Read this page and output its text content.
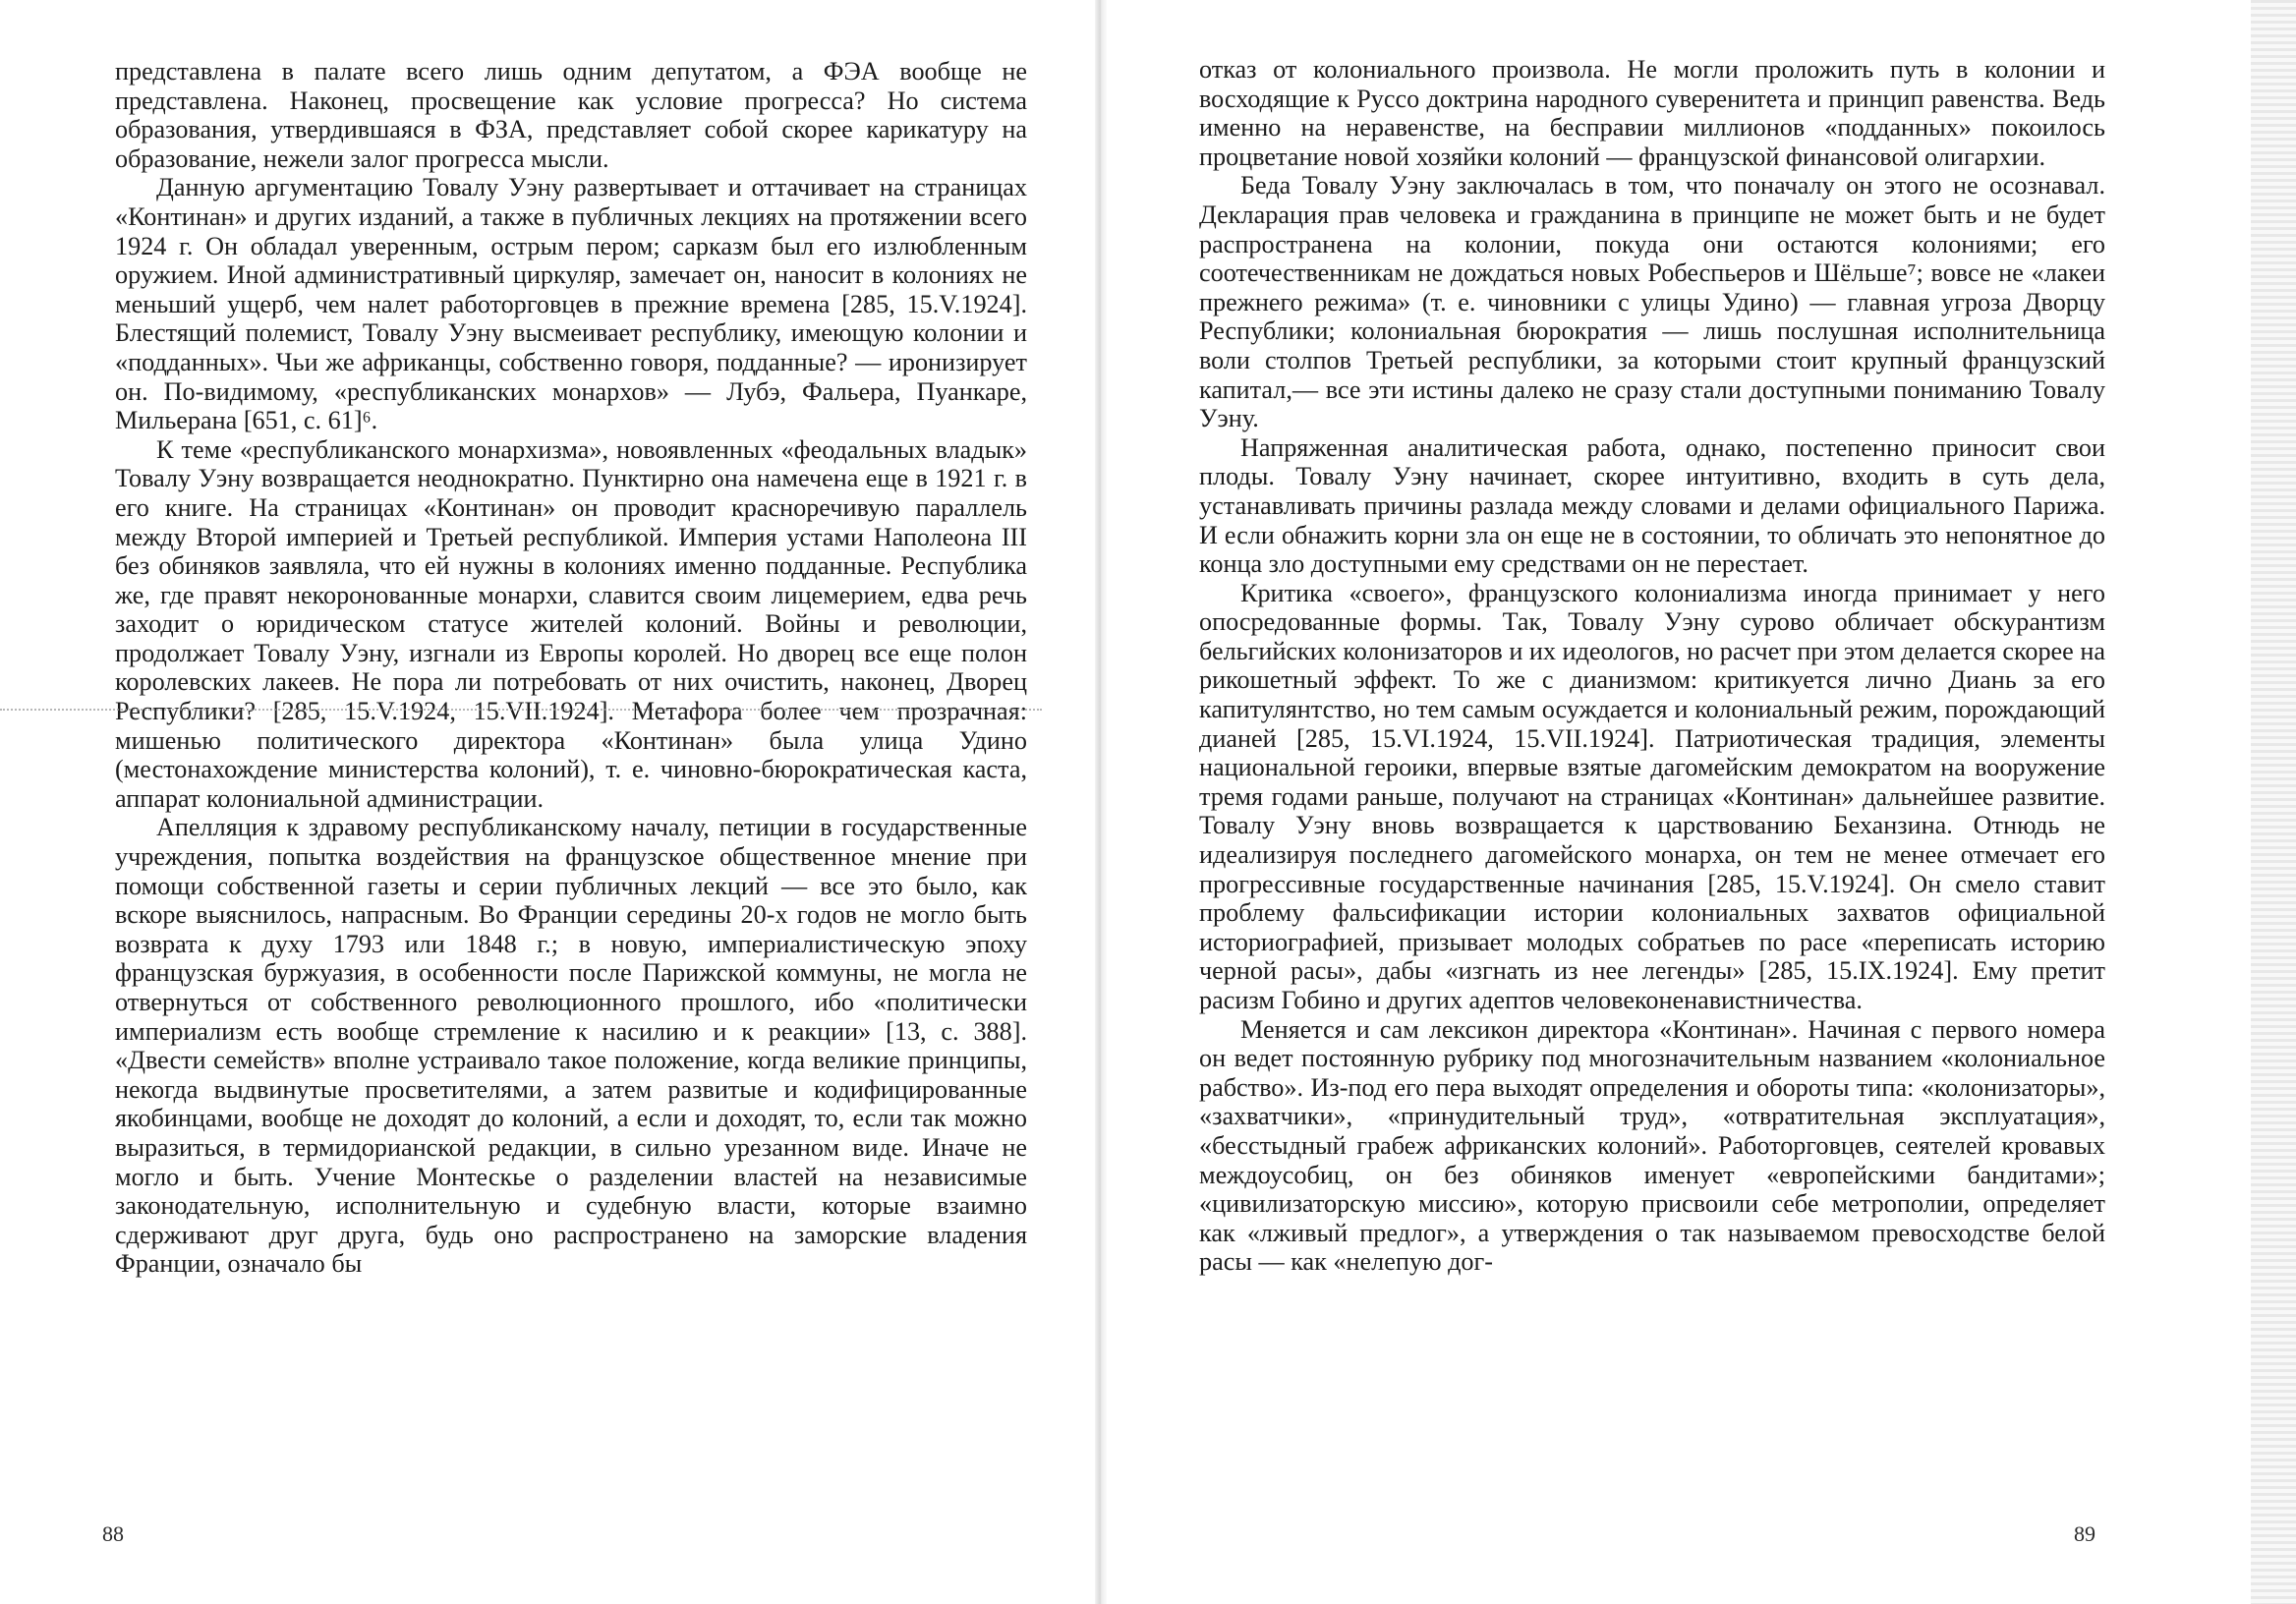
представлена в палате всего лишь одним депутатом, а ФЭА вообще не представлена. Наконец, просвещение как условие прогресса? Но система образования, утвердившаяся в ФЗА, представляет собой скорее карикатуру на образование, нежели залог прогресса мысли.

Данную аргументацию Товалу Уэну развертывает и оттачивает на страницах «Континан» и других изданий, а также в публичных лекциях на протяжении всего 1924 г. Он обладал уверенным, острым пером; сарказм был его излюбленным оружием. Иной административный циркуляр, замечает он, наносит в колониях не меньший ущерб, чем налет работорговцев в прежние времена [285, 15.V.1924]. Блестящий полемист, Товалу Уэну высмеивает республику, имеющую колонии и «подданных». Чьи же африканцы, собственно говоря, подданные? — иронизирует он. По-видимому, «республиканских монархов» — Лубэ, Фальера, Пуанкаре, Мильерана [651, с. 61]⁶.

К теме «республиканского монархизма», новоявленных «феодальных владык» Товалу Уэну возвращается неоднократно. Пунктирно она намечена еще в 1921 г. в его книге. На страницах «Континан» он проводит красноречивую параллель между Второй империей и Третьей республикой. Империя устами Наполеона III без обиняков заявляла, что ей нужны в колониях именно подданные. Республика же, где правят некоронованные монархи, славится своим лицемерием, едва речь заходит о юридическом статусе жителей колоний. Войны и революции, продолжает Товалу Уэну, изгнали из Европы королей. Но дворец все еще полон королевских лакеев. Не пора ли потребовать от них очистить, наконец, Дворец Республики? [285, 15.V.1924, 15.VII.1924]. Метафора более чем прозрачная: мишенью политического директора «Континан» была улица Удино (местонахождение министерства колоний), т. е. чиновно-бюрократическая каста, аппарат колониальной администрации.

Апелляция к здравому республиканскому началу, петиции в государственные учреждения, попытка воздействия на французское общественное мнение при помощи собственной газеты и серии публичных лекций — все это было, как вскоре выяснилось, напрасным. Во Франции середины 20-х годов не могло быть возврата к духу 1793 или 1848 г.; в новую, империалистическую эпоху французская буржуазия, в особенности после Парижской коммуны, не могла не отвернуться от собственного революционного прошлого, ибо «политически империализм есть вообще стремление к насилию и к реакции» [13, с. 388]. «Двести семейств» вполне устраивало такое положение, когда великие принципы, некогда выдвинутые просветителями, а затем развитые и кодифицированные якобинцами, вообще не доходят до колоний, а если и доходят, то, если так можно выразиться, в термидорианской редакции, в сильно урезанном виде. Иначе не могло и быть. Учение Монтескье о разделении властей на независимые законодательную, исполнительную и судебную власти, которые взаимно сдерживают друг друга, будь оно распространено на заморские владения Франции, означало бы

88

отказ от колониального произвола. Не могли проложить путь в колонии и восходящие к Руссо доктрина народного суверенитета и принцип равенства. Ведь именно на неравенстве, на бесправии миллионов «подданных» покоилось процветание новой хозяйки колоний — французской финансовой олигархии.

Беда Товалу Уэну заключалась в том, что поначалу он этого не осознавал. Декларация прав человека и гражданина в принципе не может быть и не будет распространена на колонии, покуда они остаются колониями; его соотечественникам не дождаться новых Робеспьеров и Шёльше⁷; вовсе не «лакеи прежнего режима» (т. е. чиновники с улицы Удино) — главная угроза Дворцу Республики; колониальная бюрократия — лишь послушная исполнительница воли столпов Третьей республики, за которыми стоит крупный французский капитал,— все эти истины далеко не сразу стали доступными пониманию Товалу Уэну.

Напряженная аналитическая работа, однако, постепенно приносит свои плоды. Товалу Уэну начинает, скорее интуитивно, входить в суть дела, устанавливать причины разлада между словами и делами официального Парижа. И если обнажить корни зла он еще не в состоянии, то обличать это непонятное до конца зло доступными ему средствами он не перестает.

Критика «своего», французского колониализма иногда принимает у него опосредованные формы. Так, Товалу Уэну сурово обличает обскурантизм бельгийских колонизаторов и их идеологов, но расчет при этом делается скорее на рикошетный эффект. То же с дианизмом: критикуется лично Диань за его капитулянтство, но тем самым осуждается и колониальный режим, порождающий дианей [285, 15.VI.1924, 15.VII.1924]. Патриотическая традиция, элементы национальной героики, впервые взятые дагомейским демократом на вооружение тремя годами раньше, получают на страницах «Континан» дальнейшее развитие. Товалу Уэну вновь возвращается к царствованию Беханзина. Отнюдь не идеализируя последнего дагомейского монарха, он тем не менее отмечает его прогрессивные государственные начинания [285, 15.V.1924]. Он смело ставит проблему фальсификации истории колониальных захватов официальной историографией, призывает молодых собратьев по расе «переписать историю черной расы», дабы «изгнать из нее легенды» [285, 15.IX.1924]. Ему претит расизм Гобино и других адептов человеконенавистничества.

Меняется и сам лексикон директора «Континан». Начиная с первого номера он ведет постоянную рубрику под многозначительным названием «колониальное рабство». Из-под его пера выходят определения и обороты типа: «колонизаторы», «захватчики», «принудительный труд», «отвратительная эксплуатация», «бесстыдный грабеж африканских колоний». Работорговцев, сеятелей кровавых междоусобиц, он без обиняков именует «европейскими бандитами»; «цивилизаторскую миссию», которую присвоили себе метрополии, определяет как «лживый предлог», а утверждения о так называемом превосходстве белой расы — как «нелепую дог-

89
